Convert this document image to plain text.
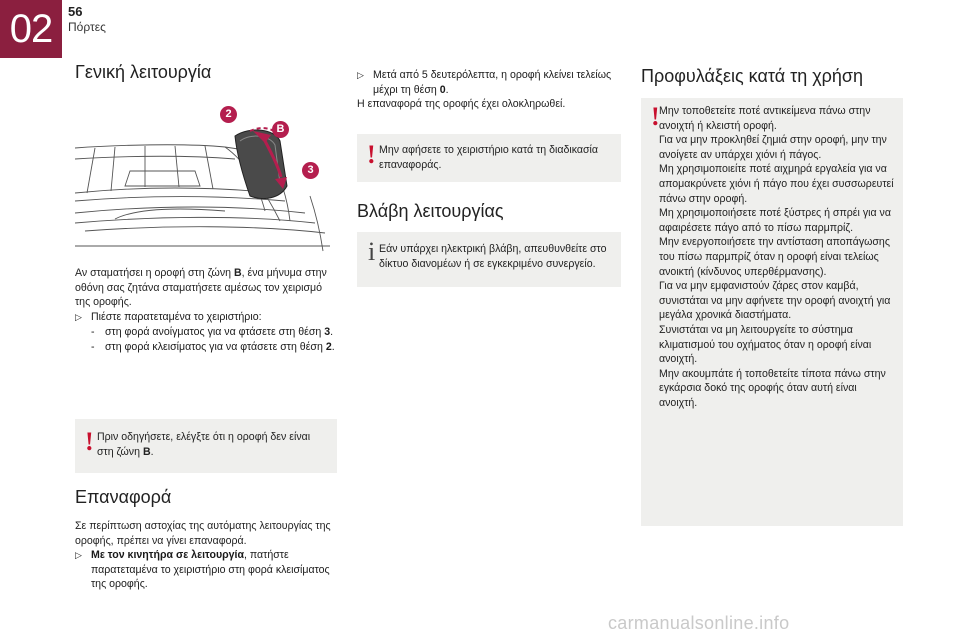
02	56
Πόρτες
Γενική λειτουργία
2
B
3
Αν σταματήσει η οροφή στη ζώνη B, ένα μήνυμα στην οθόνη σας ζητάνα σταματήσετε αμέσως τον χειρισμό της οροφής.
▷ Πιέστε παρατεταμένα το χειριστήριο:
- στη φορά ανοίγματος για να φτάσετε στη θέση 3.
- στη φορά κλεισίματος για να φτάσετε στη θέση 2.
! Πριν οδηγήσετε, ελέγξτε ότι η οροφή δεν είναι στη ζώνη B.
Επαναφορά
Σε περίπτωση αστοχίας της αυτόματης λειτουργίας της οροφής, πρέπει να γίνει επαναφορά.
▷ Με τον κινητήρα σε λειτουργία, πατήστε παρατεταμένα το χειριστήριο στη φορά κλεισίματος της οροφής.
▷ Μετά από 5 δευτερόλεπτα, η οροφή κλείνει τελείως μέχρι τη θέση 0.
Η επαναφορά της οροφής έχει ολοκληρωθεί.
! Μην αφήσετε το χειριστήριο κατά τη διαδικασία επαναφοράς.
Βλάβη λειτουργίας
i Εάν υπάρχει ηλεκτρική βλάβη, απευθυνθείτε στο δίκτυο διανομέων ή σε εγκεκριμένο συνεργείο.
Προφυλάξεις κατά τη χρήση
! Μην τοποθετείτε ποτέ αντικείμενα πάνω στην ανοιχτή ή κλειστή οροφή.
Για να μην προκληθεί ζημιά στην οροφή, μην την ανοίγετε αν υπάρχει χιόνι ή πάγος.
Μη χρησιμοποιείτε ποτέ αιχμηρά εργαλεία για να απομακρύνετε χιόνι ή πάγο που έχει συσσωρευτεί πάνω στην οροφή.
Μη χρησιμοποιήσετε ποτέ ξύστρες ή σπρέι για να αφαιρέσετε πάγο από το πίσω παρμπρίζ.
Μην ενεργοποιήσετε την αντίσταση αποπάγωσης του πίσω παρμπρίζ όταν η οροφή είναι τελείως ανοικτή (κίνδυνος υπερθέρμανσης).
Για να μην εμφανιστούν ζάρες στον καμβά, συνιστάται να μην αφήνετε την οροφή ανοιχτή για μεγάλα χρονικά διαστήματα.
Συνιστάται να μη λειτουργείτε το σύστημα κλιματισμού του οχήματος όταν η οροφή είναι ανοιχτή.
Μην ακουμπάτε ή τοποθετείτε τίποτα πάνω στην εγκάρσια δοκό της οροφής όταν αυτή είναι ανοιχτή.
carmanualsonline.info
